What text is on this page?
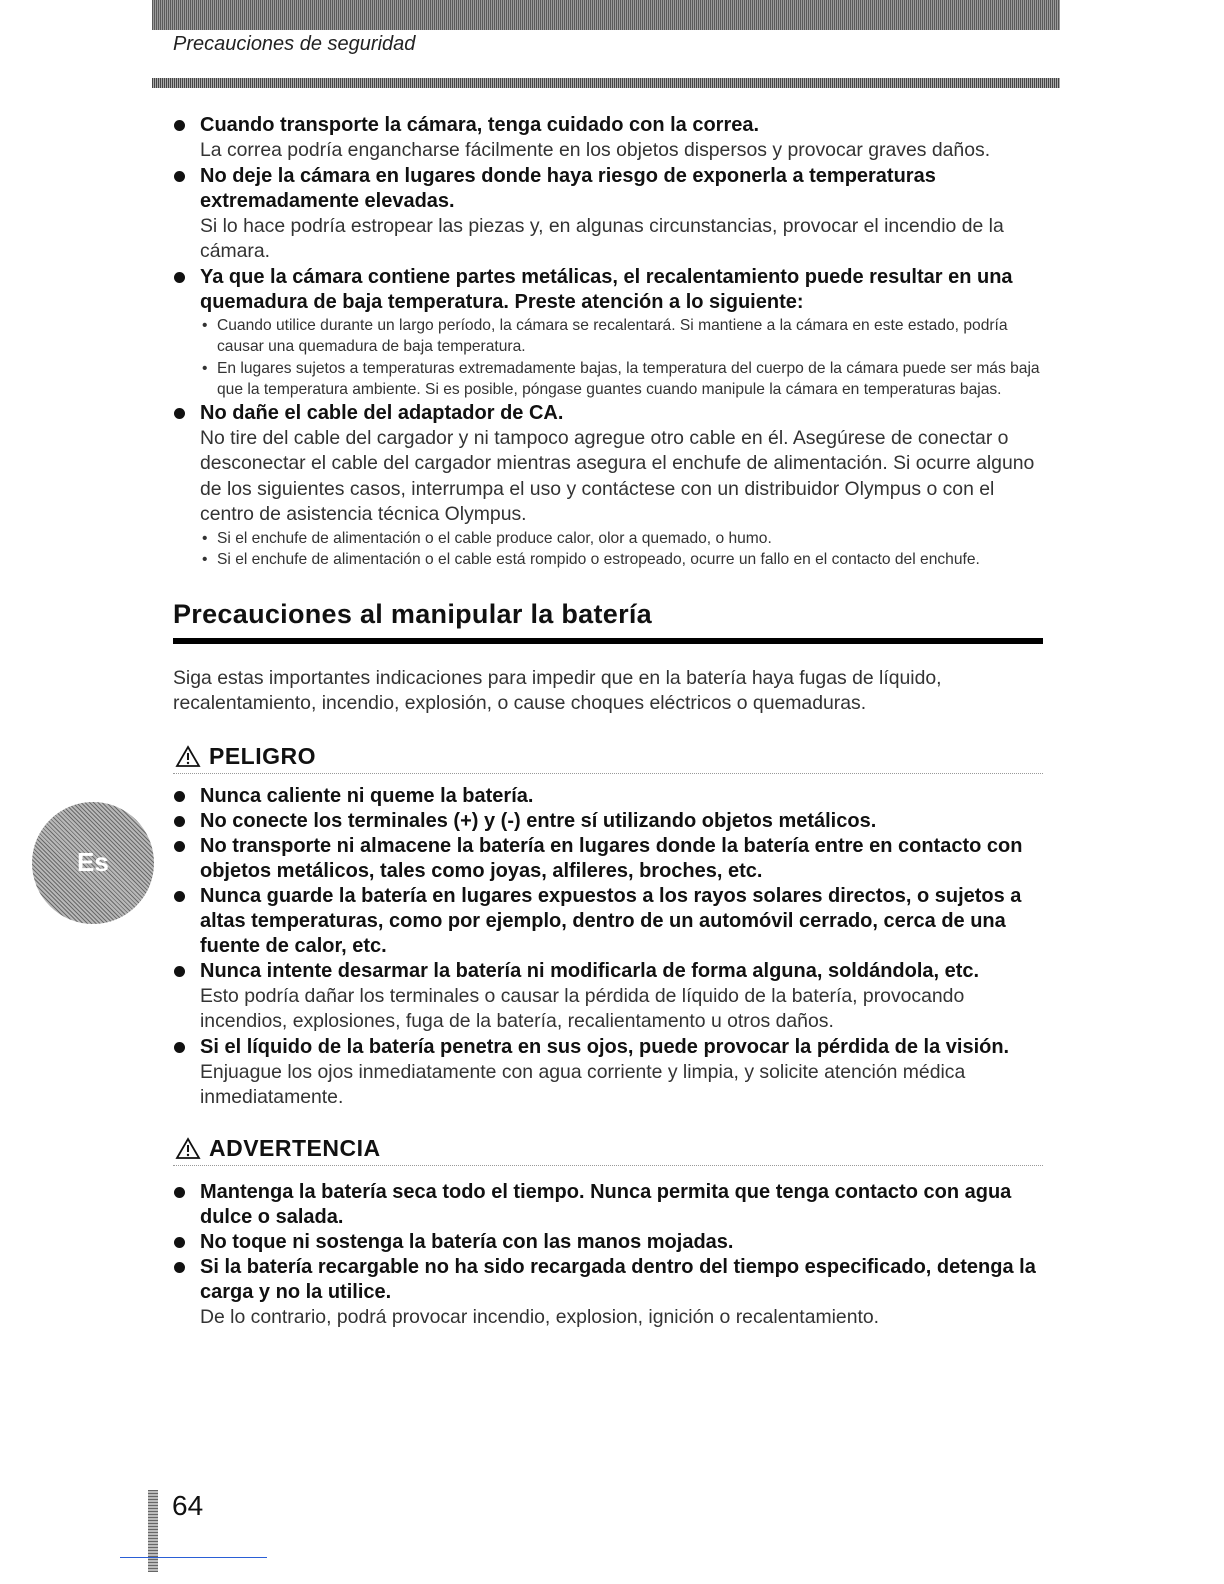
Precauciones de seguridad
Es
Cuando transporte la cámara, tenga cuidado con la correa.
La correa podría engancharse fácilmente en los objetos dispersos y provocar graves daños.
No deje la cámara en lugares donde haya riesgo de exponerla a temperaturas extremadamente elevadas.
Si lo hace podría estropear las piezas y, en algunas circunstancias, provocar el incendio de la cámara.
Ya que la cámara contiene partes metálicas, el recalentamiento puede resultar en una quemadura de baja temperatura. Preste atención a lo siguiente:
• Cuando utilice durante un largo período, la cámara se recalentará. Si mantiene a la cámara en este estado, podría causar una quemadura de baja temperatura.
• En lugares sujetos a temperaturas extremadamente bajas, la temperatura del cuerpo de la cámara puede ser más baja que la temperatura ambiente. Si es posible, póngase guantes cuando manipule la cámara en temperaturas bajas.
No dañe el cable del adaptador de CA.
No tire del cable del cargador y ni tampoco agregue otro cable en él. Asegúrese de conectar o desconectar el cable del cargador mientras asegura el enchufe de alimentación. Si ocurre alguno de los siguientes casos, interrumpa el uso y contáctese con un distribuidor Olympus o con el centro de asistencia técnica Olympus.
• Si el enchufe de alimentación o el cable produce calor, olor a quemado, o humo.
• Si el enchufe de alimentación o el cable está rompido o estropeado, ocurre un fallo en el contacto del enchufe.
Precauciones al manipular la batería
Siga estas importantes indicaciones para impedir que en la batería haya fugas de líquido, recalentamiento, incendio, explosión, o cause choques eléctricos o quemaduras.
PELIGRO
Nunca caliente ni queme la batería.
No conecte los terminales (+) y (-) entre sí utilizando objetos metálicos.
No transporte ni almacene la batería en lugares donde la batería entre en contacto con objetos metálicos, tales como joyas, alfileres, broches, etc.
Nunca guarde la batería en lugares expuestos a los rayos solares directos, o sujetos a altas temperaturas, como por ejemplo, dentro de un automóvil cerrado, cerca de una fuente de calor, etc.
Nunca intente desarmar la batería ni modificarla de forma alguna, soldándola, etc.
Esto podría dañar los terminales o causar la pérdida de líquido de la batería, provocando incendios, explosiones, fuga de la batería, recalientamento u otros daños.
Si el líquido de la batería penetra en sus ojos, puede provocar la pérdida de la visión.
Enjuague los ojos inmediatamente con agua corriente y limpia, y solicite atención médica inmediatamente.
ADVERTENCIA
Mantenga la batería seca todo el tiempo. Nunca permita que tenga contacto con agua dulce o salada.
No toque ni sostenga la batería con las manos mojadas.
Si la batería recargable no ha sido recargada dentro del tiempo especificado, detenga la carga y no la utilice.
De lo contrario, podrá provocar incendio, explosion, ignición o recalentamiento.
64
